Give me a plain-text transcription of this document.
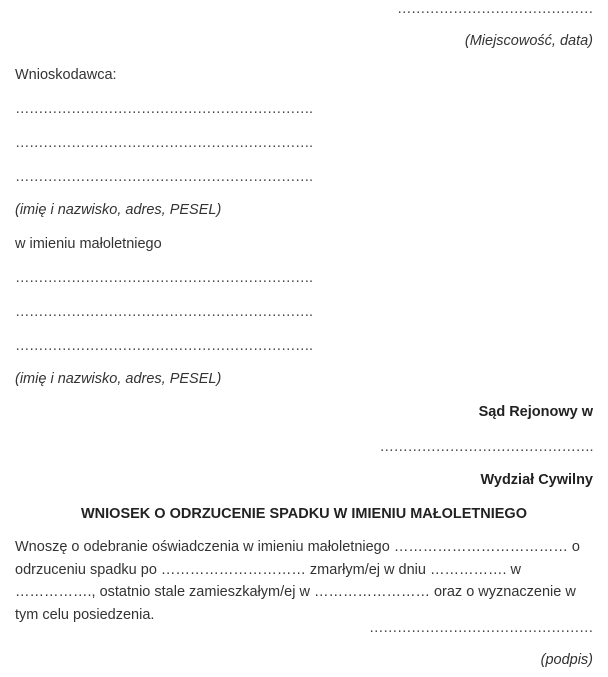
……………………………………
(Miejscowość, data)
Wnioskodawca:
……………………………………………………….
……………………………………………………….
……………………………………………………….
(imię i nazwisko, adres, PESEL)
w imieniu małoletniego
……………………………………………………….
……………………………………………………….
……………………………………………………….
(imię i nazwisko, adres, PESEL)
Sąd Rejonowy w
……………………………………….
Wydział Cywilny
WNIOSEK O ODRZUCENIE SPADKU W IMIENIU MAŁOLETNIEGO
Wnoszę o odebranie oświadczenia w imieniu małoletniego ……………………………… o odrzuceniu spadku po ………………………… zmarłym/ej w dniu ……………. w ……………., ostatnio stale zamieszkałym/ej w …………………… oraz o wyznaczenie w tym celu posiedzenia.
…………………………………………
(podpis)
